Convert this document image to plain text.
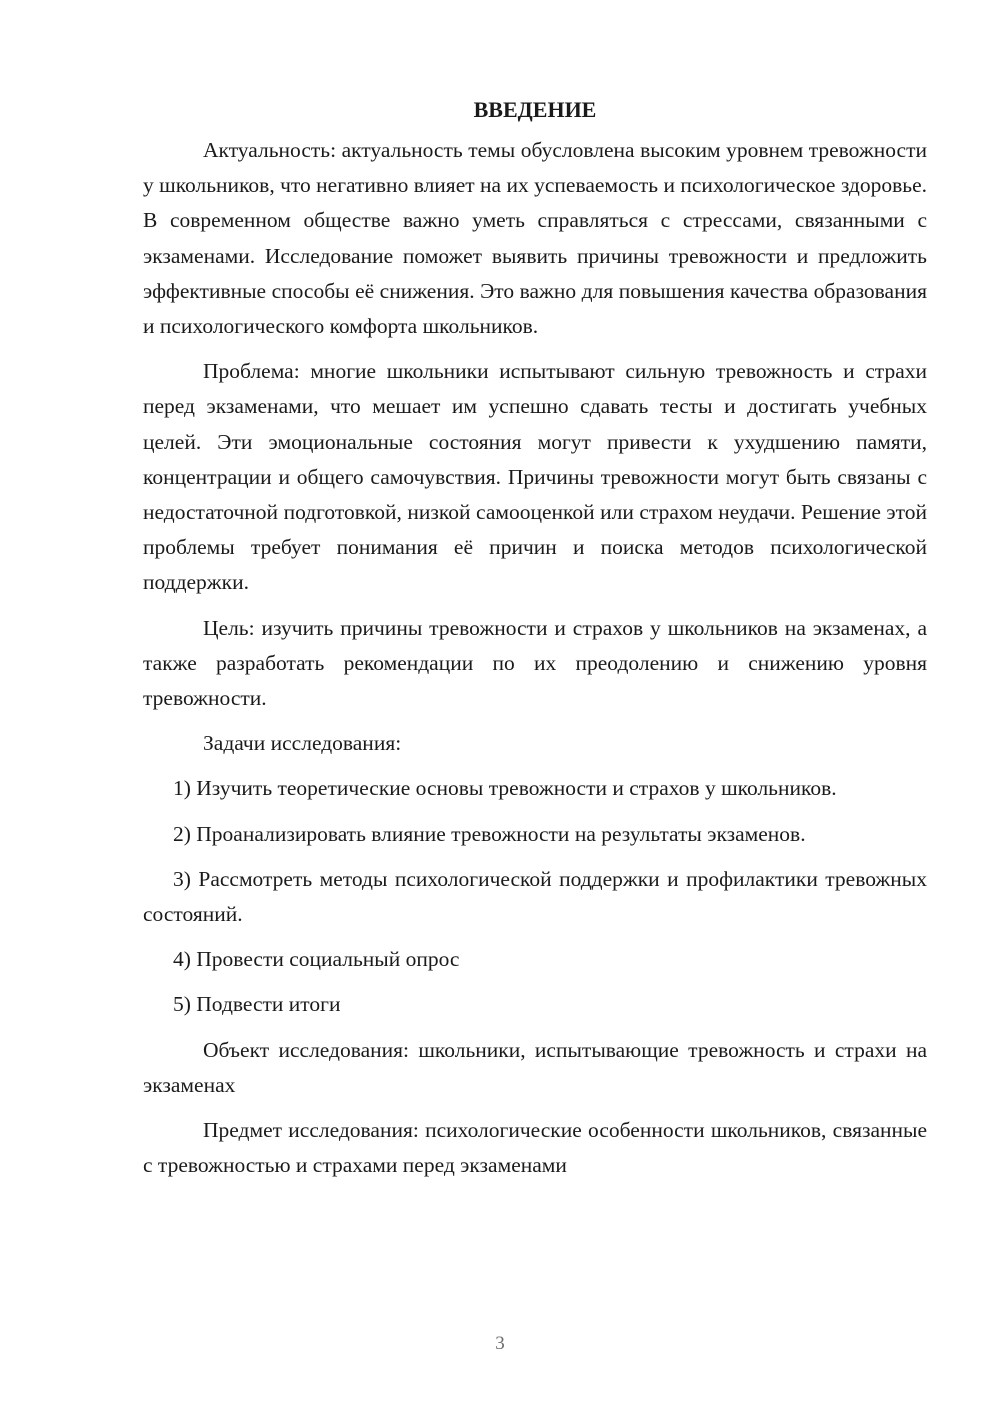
ВВЕДЕНИЕ

Актуальность: актуальность темы обусловлена высоким уровнем тревожности у школьников, что негативно влияет на их успеваемость и психологическое здоровье. В современном обществе важно уметь справляться с стрессами, связанными с экзаменами. Исследование поможет выявить причины тревожности и предложить эффективные способы её снижения. Это важно для повышения качества образования и психологического комфорта школьников.

Проблема: многие школьники испытывают сильную тревожность и страхи перед экзаменами, что мешает им успешно сдавать тесты и достигать учебных целей. Эти эмоциональные состояния могут привести к ухудшению памяти, концентрации и общего самочувствия. Причины тревожности могут быть связаны с недостаточной подготовкой, низкой самооценкой или страхом неудачи. Решение этой проблемы требует понимания её причин и поиска методов психологической поддержки.

Цель: изучить причины тревожности и страхов у школьников на экзаменах, а также разработать рекомендации по их преодолению и снижению уровня тревожности.

Задачи исследования:

1) Изучить теоретические основы тревожности и страхов у школьников.

2) Проанализировать влияние тревожности на результаты экзаменов.

3) Рассмотреть методы психологической поддержки и профилактики тревожных состояний.

4) Провести социальный опрос

5) Подвести итоги

Объект исследования: школьники, испытывающие тревожность и страхи на экзаменах

Предмет исследования: психологические особенности школьников, связанные с тревожностью и страхами перед экзаменами

3
